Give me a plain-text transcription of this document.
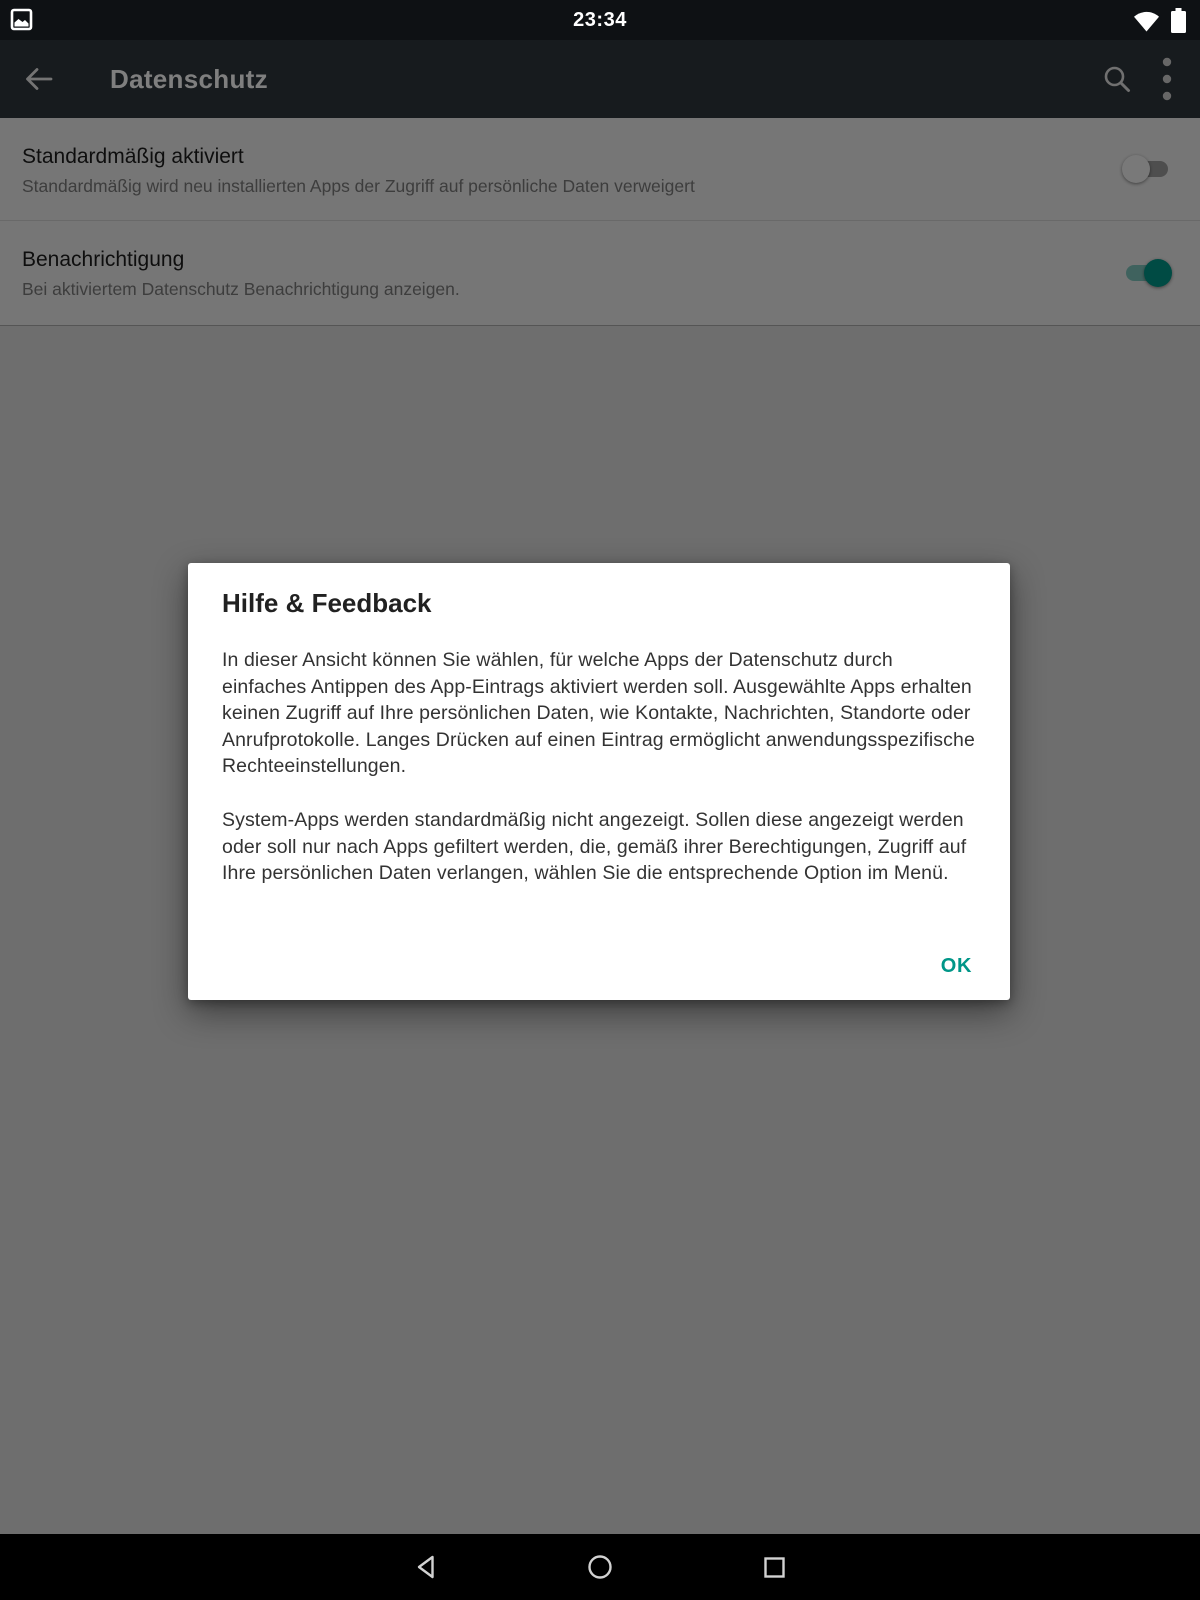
23:34
Hilfe & Feedback

In dieser Ansicht können Sie wählen, für welche Apps der Datenschutz durch einfaches Antippen des App-Eintrags aktiviert werden soll. Ausgewählte Apps erhalten keinen Zugriff auf Ihre persönlichen Daten, wie Kontakte, Nachrichten, Standorte oder Anrufprotokolle. Langes Drücken auf einen Eintrag ermöglicht anwendungsspezifische Rechteeinstellungen.

System-Apps werden standardmäßig nicht angezeigt. Sollen diese angezeigt werden oder soll nur nach Apps gefiltert werden, die, gemäß ihrer Berechtigungen, Zugriff auf Ihre persönlichen Daten verlangen, wählen Sie die entsprechende Option im Menü.

OK
